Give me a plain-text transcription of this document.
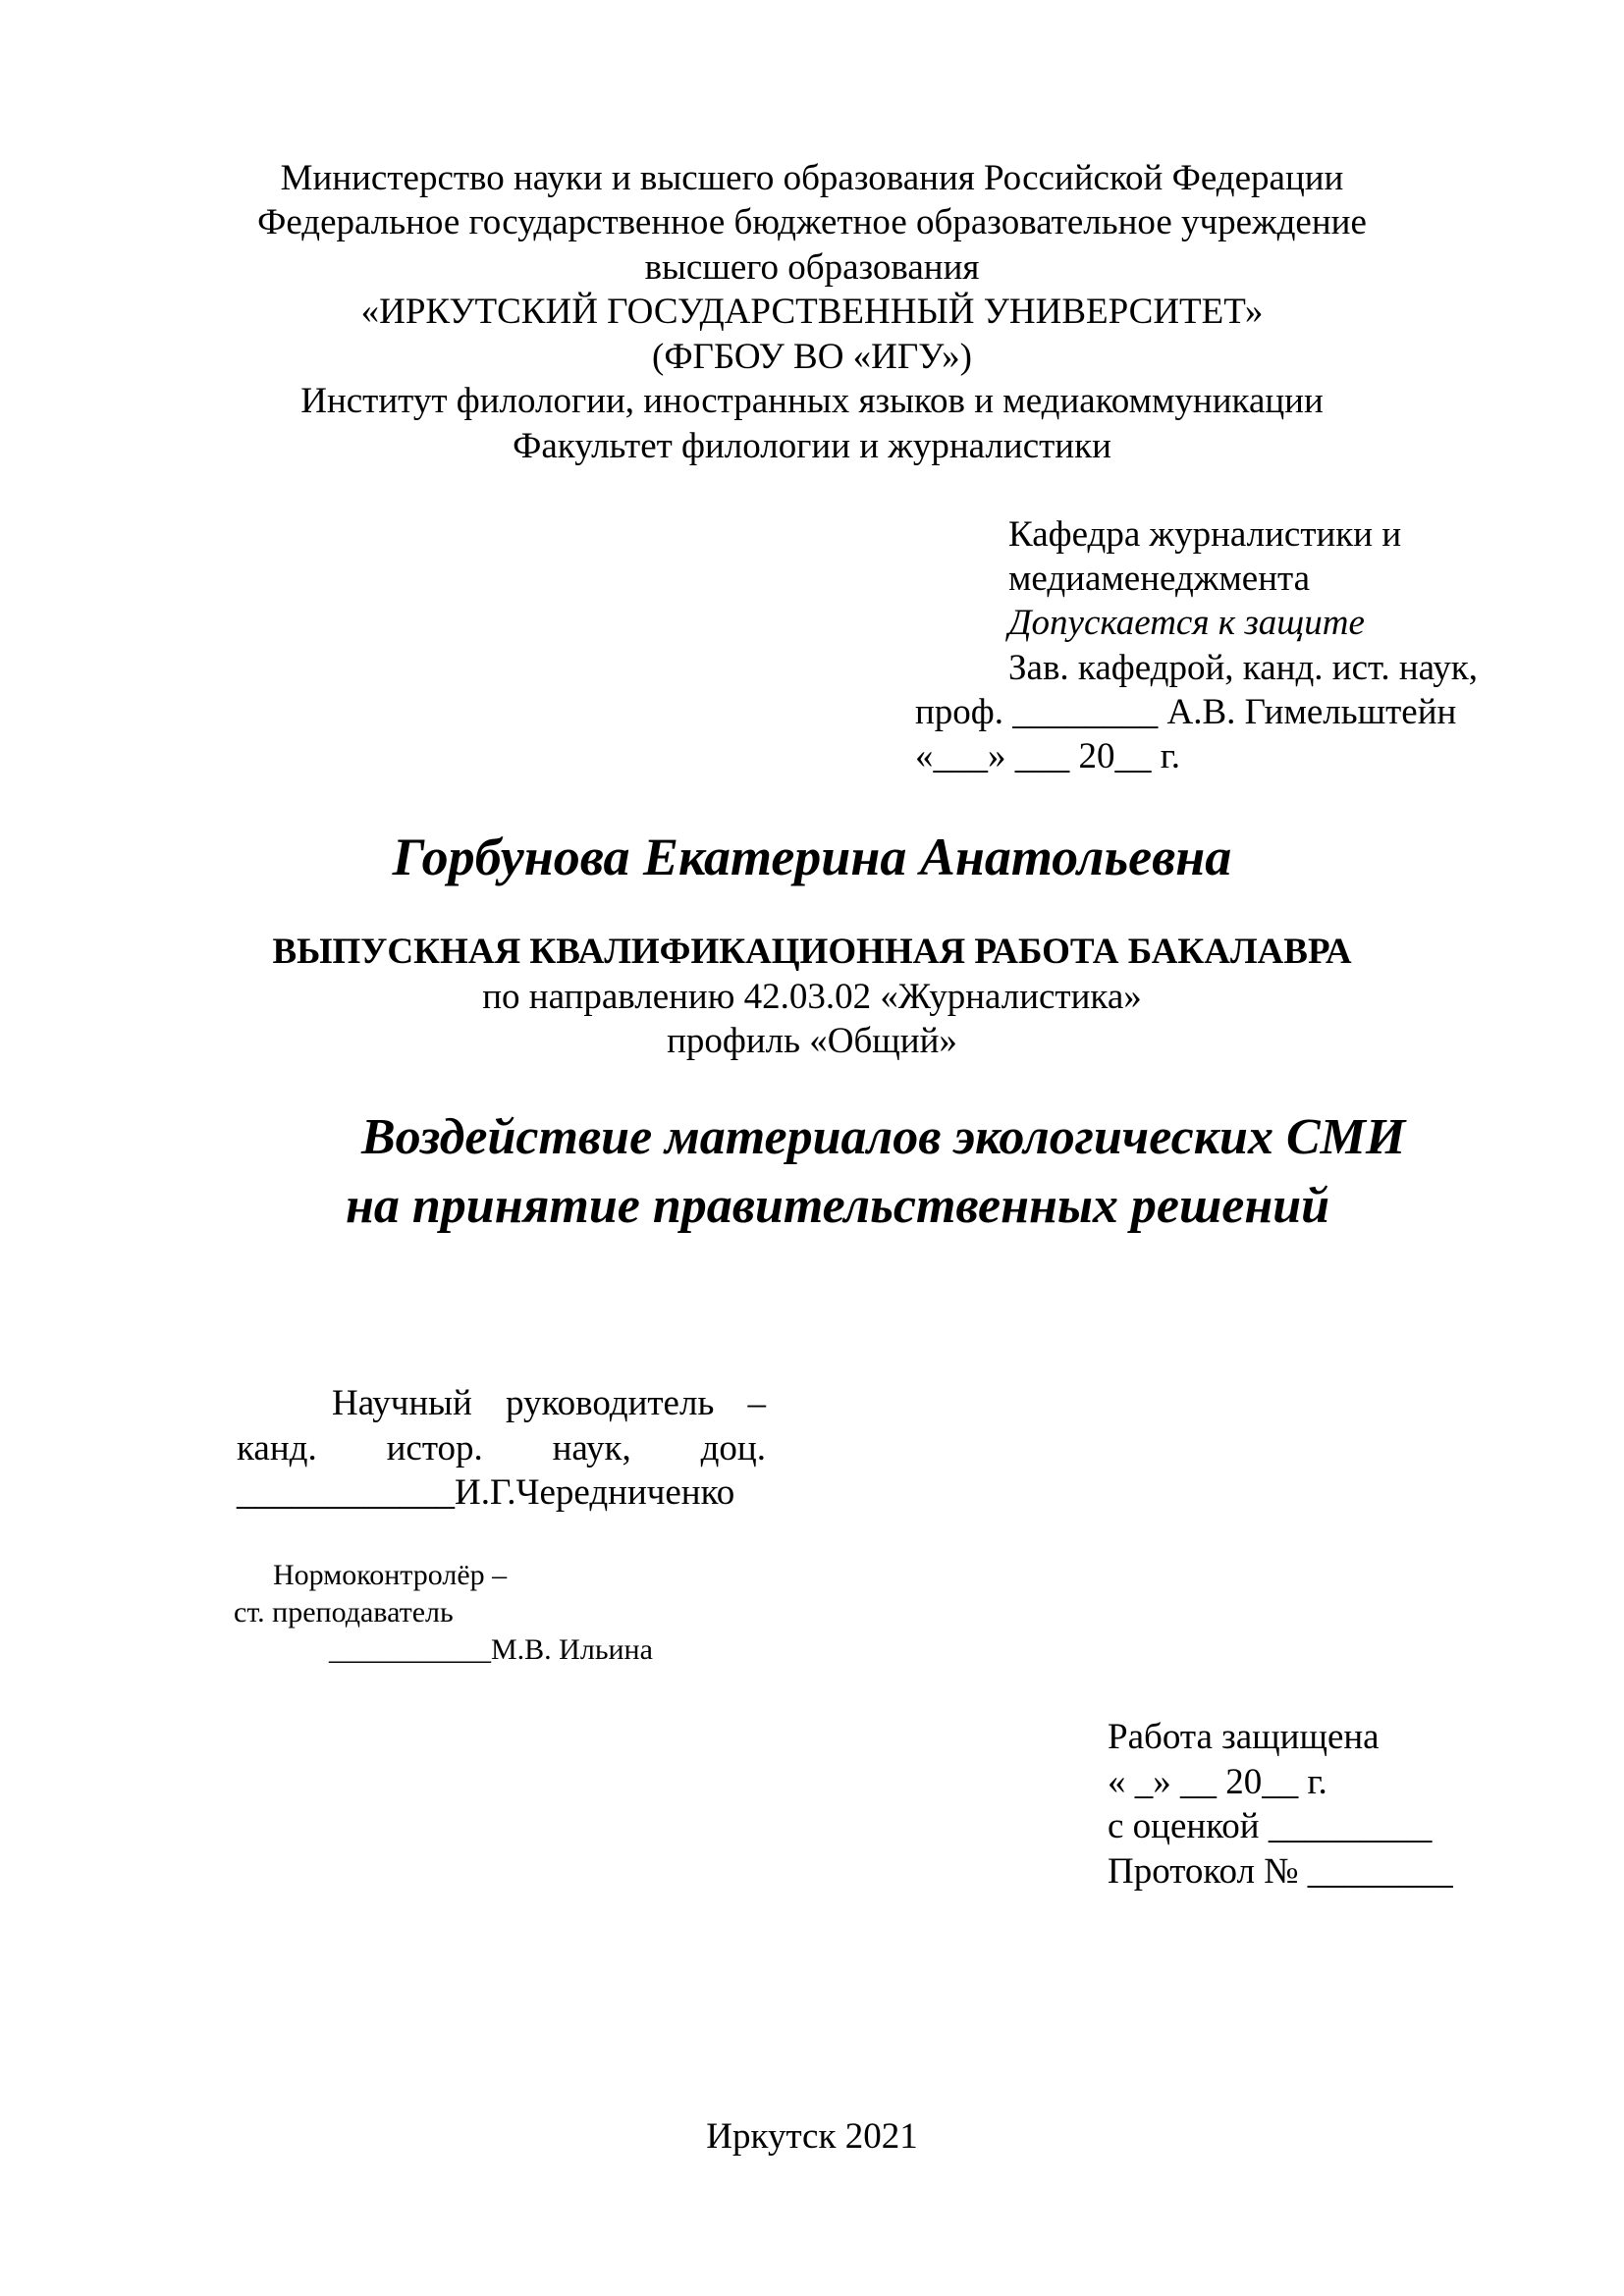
Министерство науки и высшего образования Российской Федерации
Федеральное государственное бюджетное образовательное учреждение
высшего образования
«ИРКУТСКИЙ ГОСУДАРСТВЕННЫЙ УНИВЕРСИТЕТ»
(ФГБОУ ВО «ИГУ»)
Институт филологии, иностранных языков и медиакоммуникации
Факультет филологии и журналистики
Кафедра журналистики и
медиаменеджмента
Допускается к защите
Зав. кафедрой, канд. ист. наук,
проф. ________ А.В. Гимельштейн
«___» ___ 20__ г.
Горбунова Екатерина Анатольевна
ВЫПУСКНАЯ КВАЛИФИКАЦИОННАЯ РАБОТА БАКАЛАВРА
по направлению 42.03.02 «Журналистика»
профиль «Общий»
Воздействие материалов экологических СМИ
на принятие правительственных решений
Научный руководитель –
канд. истор. наук, доц.
____________И.Г.Чередниченко
Нормоконтролёр –
ст. преподаватель
___________М.В. Ильина
Работа защищена
« _» __ 20__ г.
с оценкой _________
Протокол № ________
Иркутск 2021
